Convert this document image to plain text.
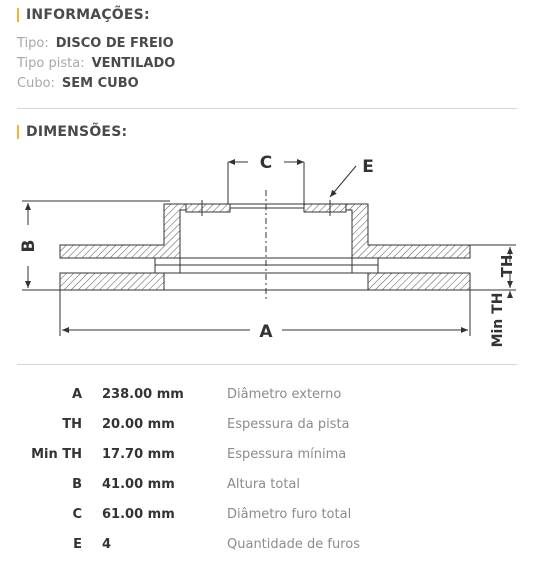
INFORMAÇÕES:
Tipo: DISCO DE FREIO
Tipo pista: VENTILADO
Cubo: SEM CUBO
DIMENSÕES:
C	E
B
TH
Min TH
A
A 238.00 mm	Diâmetro externo
TH 20.00 mm	Espessura da pista
Min TH 17.70 mm	Espessura mínima
B 41.00 mm	Altura total
C 61.00 mm	Diâmetro furo total
E 4	Quantidade de furos
